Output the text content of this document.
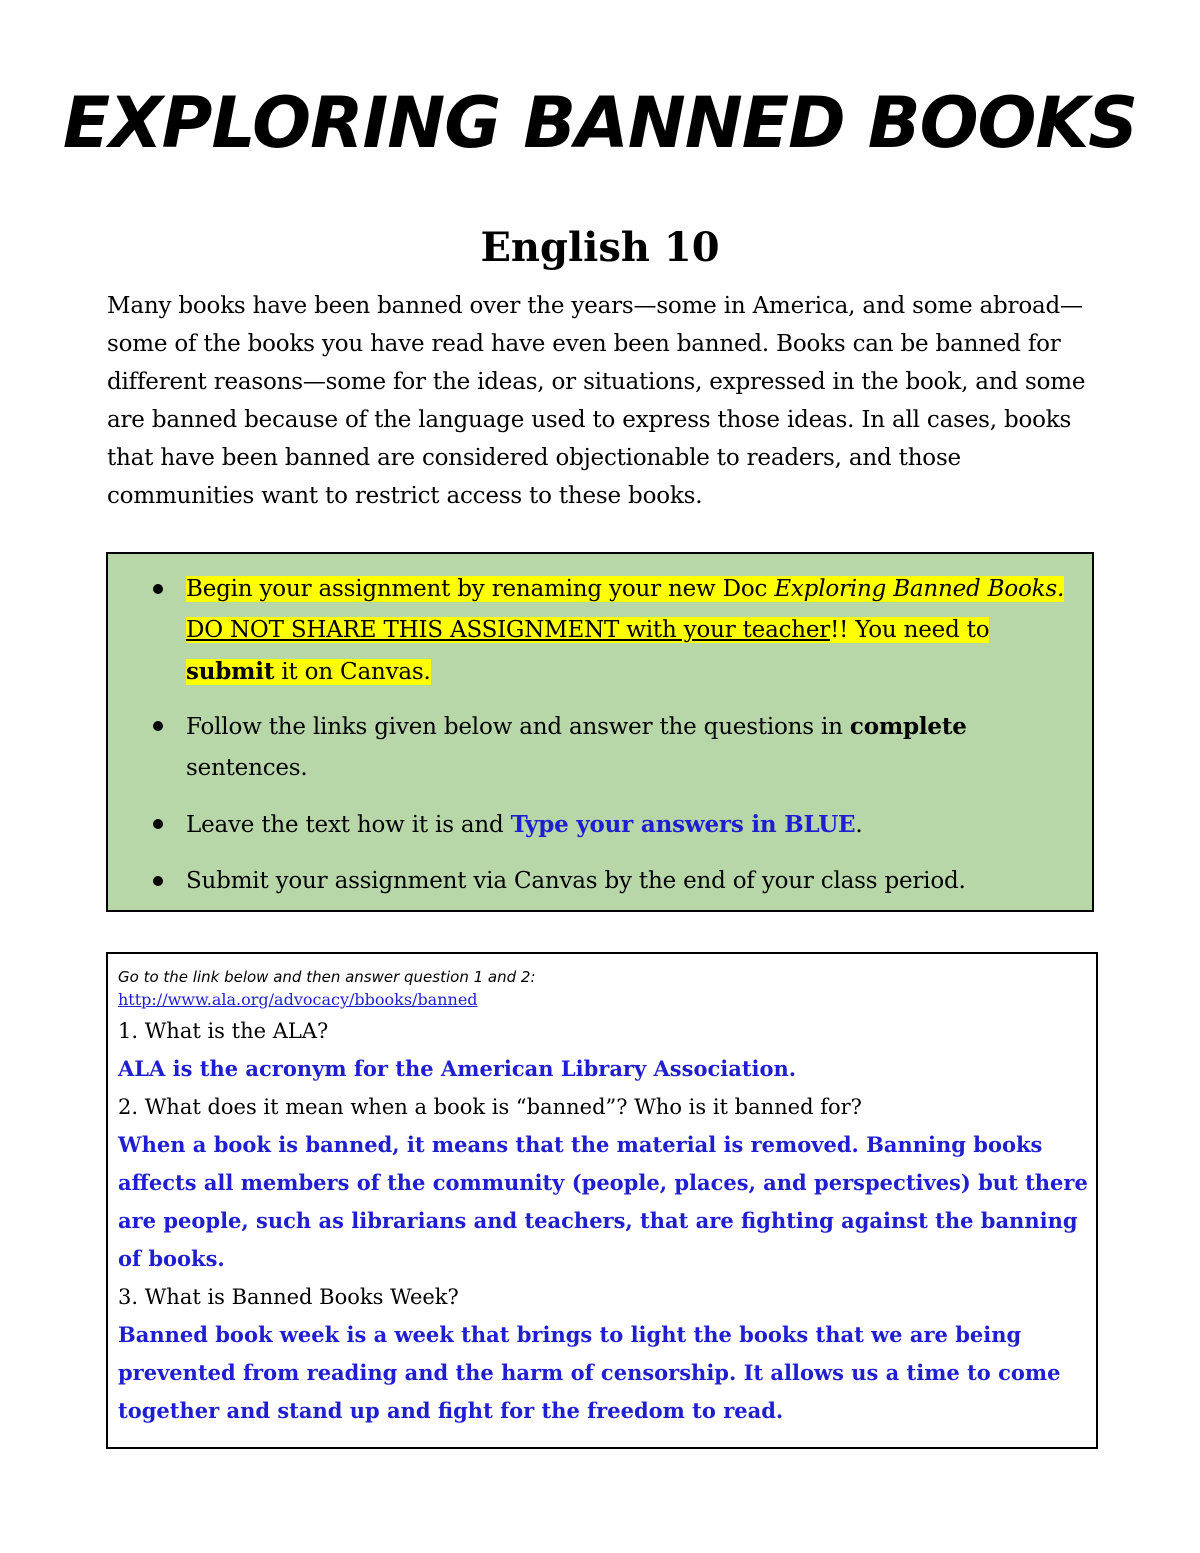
EXPLORING BANNED BOOKS
English 10
Many books have been banned over the years—some in America, and some abroad—some of the books you have read have even been banned. Books can be banned for different reasons—some for the ideas, or situations, expressed in the book, and some are banned because of the language used to express those ideas. In all cases, books that have been banned are considered objectionable to readers, and those communities want to restrict access to these books.
Begin your assignment by renaming your new Doc Exploring Banned Books. DO NOT SHARE THIS ASSIGNMENT with your teacher!! You need to submit it on Canvas.
Follow the links given below and answer the questions in complete sentences.
Leave the text how it is and Type your answers in BLUE.
Submit your assignment via Canvas by the end of your class period.
Go to the link below and then answer question 1 and 2:
http://www.ala.org/advocacy/bbooks/banned
1. What is the ALA?
ALA is the acronym for the American Library Association.
2. What does it mean when a book is “banned”? Who is it banned for?
When a book is banned, it means that the material is removed. Banning books affects all members of the community (people, places, and perspectives) but there are people, such as librarians and teachers, that are fighting against the banning of books.
3. What is Banned Books Week?
Banned book week is a week that brings to light the books that we are being prevented from reading and the harm of censorship. It allows us a time to come together and stand up and fight for the freedom to read.
